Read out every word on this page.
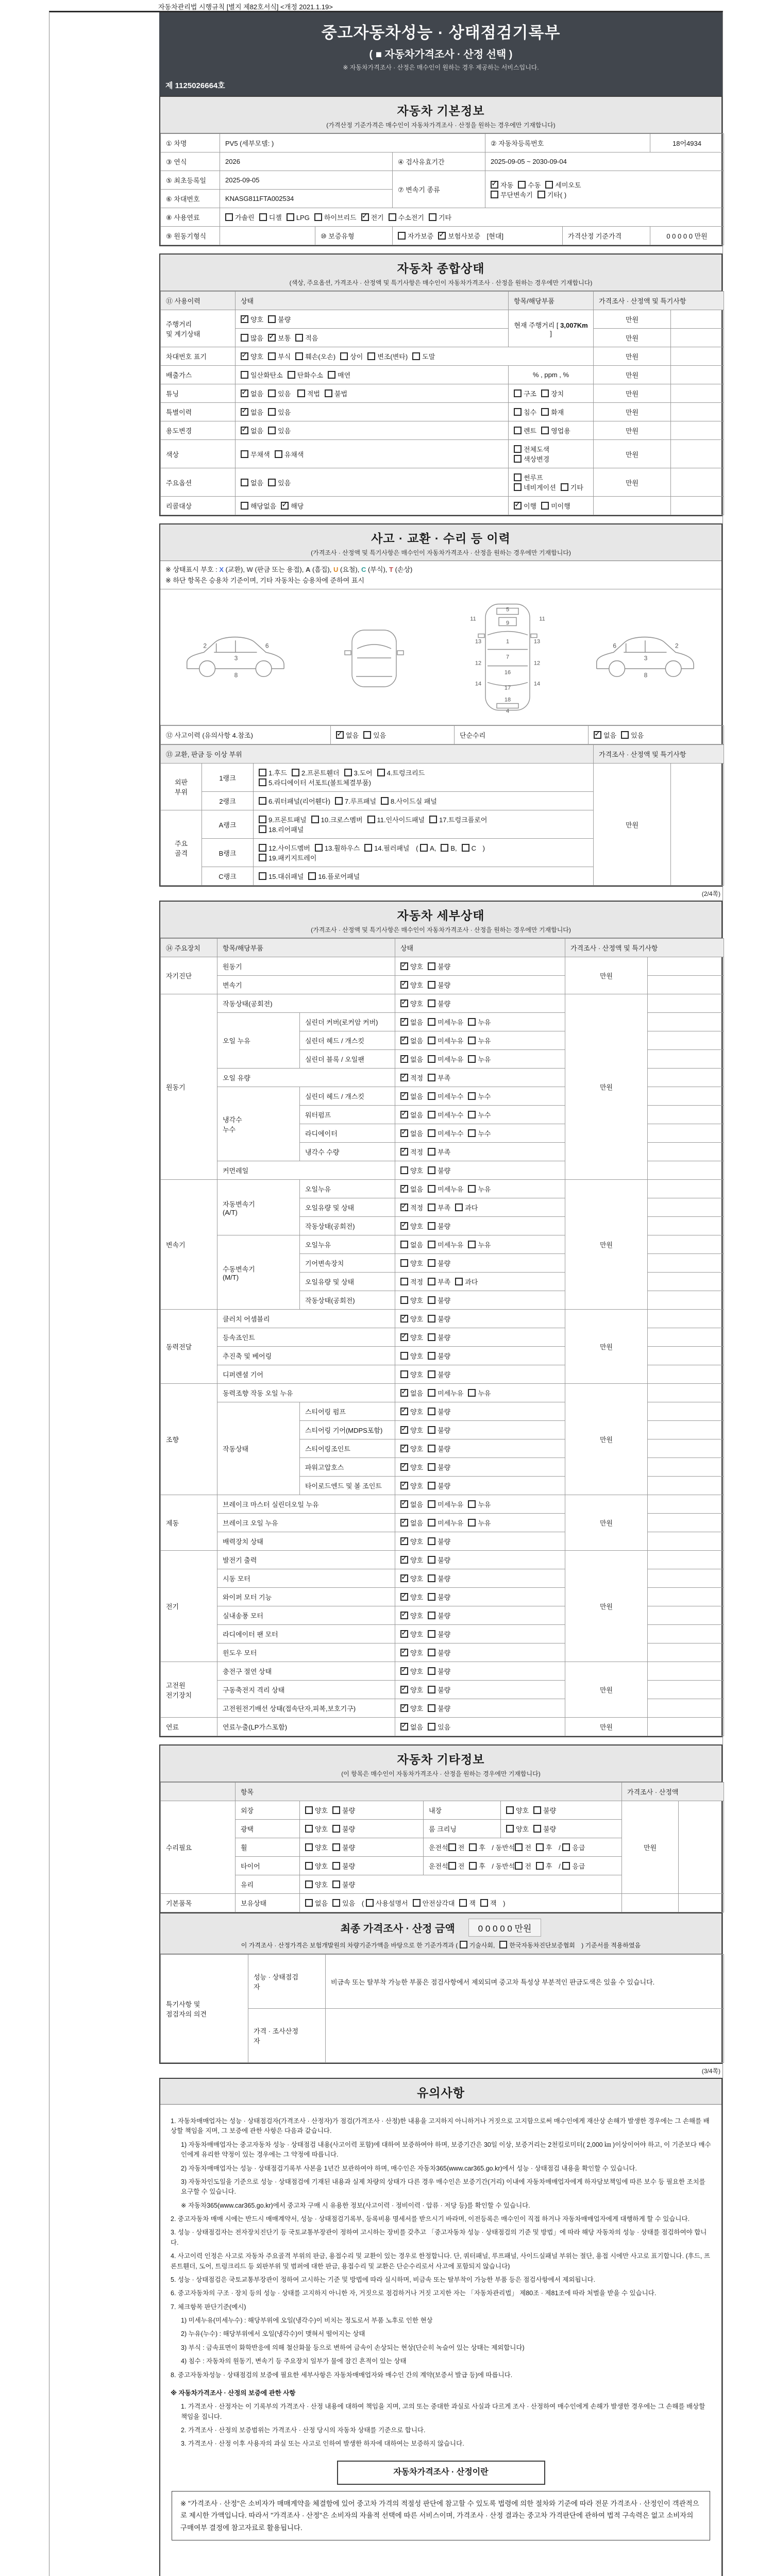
자동차관리법 시행규칙 [별지 제82호서식] <개정 2021.1.19>
중고자동차성능 · 상태점검기록부
( ■ 자동차가격조사 · 산정 선택 )
※ 자동차가격조사 · 산정은 매수인이 원하는 경우 제공하는 서비스입니다.
제 1125026664호
자동차 기본정보
(가격산정 기준가격은 매수인이 자동차가격조사 · 산정을 원하는 경우에만 기재합니다)
① 차명	PV5 (세부모델: )			② 자동차등록번호		18어4934
③ 연식	2026		④ 검사유효기간	2025-09-05 ~ 2030-09-04		
⑤ 최초등록일	2025-09-05		⑦ 변속기 종류	✓자동 수동 세미오토
무단변속기 기타( )
⑥ 차대번호	KNASG811FTA002534					
⑧ 사용연료	가솔린 디젤 LPG 하이브리드 ✓ 전기 수소전기 기타
⑨ 원동기형식		⑩ 보증유형	자가보증 ✓ 보험사보증 [현대]		가격산정 기준가격	0 0 0 0 0 만원
자동차 종합상태
(색상, 주요옵션, 가격조사 · 산정액 및 특기사항은 매수인이 자동차가격조사 · 산정을 원하는 경우에만 기재합니다)
⑪ 사용이력	상태	항목/해당부품	가격조사 · 산정액 및 특기사항	
주행거리
및 계기상태	✓양호 불량	현재 주행거리 [ 3,007Km ]	만원	
	많음 ✓ 보통 적음		만원	
차대번호 표기	✓양호 부식 훼손(오손) 상이 변조(변타) 도말		만원	
배출가스	일산화탄소 탄화수소 매연	% , ppm , %	만원	
튜닝	✓없음 있음 적법 불법	구조 장치	만원	
특별이력	✓없음 있음	침수 화재	만원	
용도변경	✓없음 있음	렌트 영업용	만원	
색상	무채색 유채색	전체도색색상변경	만원	
주요옵션	없음 있음	썬루프네비게이션 기타	만원	
리콜대상	해당없음 ✓ 해당	✓이행 미이행		
사고 · 교환 · 수리 등 이력
(가격조사 · 산정액 및 특기사항은 매수인이 자동차가격조사 · 산정을 원하는 경우에만 기재합니다)
※ 상태표시 부호 : X (교환), W (판금 또는 용접), A (흠집), U (요철), C (부식), T (손상)
※ 하단 항목은 승용차 기준이며, 기타 자동차는 승용차에 준하여 표시
2
3
6
8
5
11	11
9
13	1	13
7
12	12
16
14
17
14
18
4
6
3
2
8
⑫ 사고이력 (유의사항 4.참조)	✓없음 있음	단순수리	✓없음 있음
⑬ 교환, 판금 등 이상 부위			가격조사 · 산정액 및 특기사항	
외판
부위	1랭크	1.후드 2.프론트휀더 3.도어 4.트렁크리드
5.라디에이터 서포트(볼트체결부품)	만원	
	2랭크	6.쿼터패널(리어휀다) 7.루프패널 8.사이드실 패널		
주요
골격	A랭크	9.프론트패널 10.크로스멤버 11.인사이드패널 17.트렁크플로어
18.리어패널		
	B랭크	12.사이드멤버 13.휠하우스 14.필러패널 ( A, B, C )
19.패키지트레이		
	C랭크	15.대쉬패널 16.플로어패널		
(2/4쪽)
자동차 세부상태
(가격조사 · 산정액 및 특기사항은 매수인이 자동차가격조사 · 산정을 원하는 경우에만 기재합니다)
⑭ 주요장치	항목/해당부품		상태	가격조사 · 산정액 및 특기사항	
자기진단	원동기	✓양호 불량	만원	
	변속기	✓양호 불량	
원동기	작동상태(공회전)	✓양호 불량	만원	
	오일 누유	실린더 커버(로커암 커버)	✓없음 미세누유 누유	
		실린더 헤드 / 개스킷	✓없음 미세누유 누유	
		실린더 블록 / 오일팬	✓없음 미세누유 누유	
	오일 유량	✓적정 부족	
	냉각수
누수	실린더 헤드 / 개스킷	✓없음 미세누수 누수	
		워터펌프	✓없음 미세누수 누수	
		라디에이터	✓없음 미세누수 누수	
		냉각수 수량	✓적정 부족	
	커먼레일		양호 불량		
변속기	자동변속기
(A/T)	오일누유	✓없음 미세누유 누유	만원	
		오일유량 및 상태	✓적정 부족 과다	
		작동상태(공회전)	✓양호 불량	
	수동변속기
(M/T)	오일누유	없음 미세누유 누유		
		기어변속장치	양호 불량		
		오일유량 및 상태	적정 부족 과다		
		작동상태(공회전)	양호 불량		
동력전달	클러치 어셈블리	✓양호 불량	만원	
	등속죠인트	✓양호 불량	
	추진축 및 베어링		양호 불량		
	디퍼렌셜 기어		양호 불량		
조향	동력조향 작동 오일 누유	✓없음 미세누유 누유	만원	
	작동상태	스티어링 펌프	✓양호 불량	
		스티어링 기어(MDPS포함)	✓양호 불량	
		스티어링조인트	✓양호 불량	
		파워고압호스	✓양호 불량	
		타이로드엔드 및 볼 조인트	✓양호 불량	
제동	브레이크 마스터 실린더오일 누유	✓없음 미세누유 누유	만원	
	브레이크 오일 누유	✓없음 미세누유 누유	
	배력장치 상태	✓양호 불량	
전기	발전기 출력	✓양호 불량	만원	
	시동 모터	✓양호 불량	
	와이퍼 모터 기능	✓양호 불량	
	실내송풍 모터	✓양호 불량	
	라디에이터 팬 모터	✓양호 불량	
	윈도우 모터	✓양호 불량	
고전원
전기장치	충전구 절연 상태	✓양호 불량	만원	
	구동축전지 격리 상태	✓양호 불량	
	고전원전기배선 상태(접속단자,피복,보호기구)	✓양호 불량	
연료	연료누출(LP가스포함)	✓없음 있음	만원	
자동차 기타정보
(이 항목은 매수인이 자동차가격조사 · 산정을 원하는 경우에만 기재합니다)
	항목				가격조사 · 산정액	
수리필요	외장	양호 불량	내장	양호 불량	만원	
	광택	양호 불량	룸 크리닝	양호 불량		
	휠	양호 불량	운전석 전 후 / 동반석 전 후 / 응급			
	타이어	양호 불량	운전석 전 후 / 동반석 전 후 / 응급			
	유리	양호 불량				
기본품목	보유상태	없음 있음 ( 사용설명서 안전삼각대 잭 잭 )				
최종 가격조사 · 산정 금액	0 0 0 0 0 만원
이 가격조사 · 산정가격은 보험개발원의 차량기준가액을 바탕으로 한 기준가격과 ( 기술사회, 한국자동차진단보증협회 ) 기준서를 적용하였음
특기사항 및
점검자의 의견	성능 · 상태점검
자	비금속 또는 탈부착 가능한 부품은 점검사항에서 제외되며 중고차 특성상 부분적인 판금도색은 있을 수 있습니다.
	가격 · 조사산정
자	
(3/4쪽)
유의사항
1. 자동차매매업자는 성능 · 상태점검자(가격조사 · 산정자)가 점검(가격조사 · 산정)한 내용을 고지하지 아니하거나 거짓으로 고지함으로써 매수인에게 재산상 손해가 발생한 경우에는 그 손해를 배상할 책임을 지며, 그 보증에 관한 사항은 다음과 같습니다.
1) 자동차매매업자는 중고자동차 성능 · 상태점검 내용(사고이력 포함)에 대하여 보증하여야 하며, 보증기간은 30일 이상, 보증거리는 2천킬로미터( 2,000 ㎞ )이상이어야 하고, 이 기준보다 매수인에게 유리한 약정이 있는 경우에는 그 약정에 따릅니다.
2) 자동차매매업자는 성능 · 상태점검기록부 사본을 1년간 보관하여야 하며, 매수인은 자동차365(www.car365.go.kr)에서 성능 · 상태점검 내용을 확인할 수 있습니다.
3) 자동차인도일을 기준으로 성능 · 상태점검에 기재된 내용과 실제 차량의 상태가 다른 경우 매수인은 보증기간(거리) 이내에 자동차매매업자에게 하자담보책임에 따른 보수 등 필요한 조치를 요구할 수 있습니다.
※ 자동차365(www.car365.go.kr)에서 중고차 구매 시 유용한 정보(사고이력 · 정비이력 · 압류 · 저당 등)를 확인할 수 있습니다.
2. 중고자동차 매매 시에는 반드시 매매계약서, 성능 · 상태점검기록부, 등록비용 명세서를 받으시기 바라며, 이전등록은 매수인이 직접 하거나 자동차매매업자에게 대행하게 할 수 있습니다.
3. 성능 · 상태점검자는 전자장치진단기 등 국토교통부장관이 정하여 고시하는 장비를 갖추고 「중고자동차 성능 · 상태점검의 기준 및 방법」에 따라 해당 자동차의 성능 · 상태를 점검하여야 합니다.
4. 사고이력 인정은 사고로 자동차 주요골격 부위의 판금, 용접수리 및 교환이 있는 경우로 한정합니다. 단, 쿼터패널, 루프패널, 사이드실패널 부위는 절단, 용접 시에만 사고로 표기합니다. (후드, 프론트휀더, 도어, 트렁크리드 등 외판부위 및 범퍼에 대한 판금, 용접수리 및 교환은 단순수리로서 사고에 포함되지 않습니다)
5. 성능 · 상태점검은 국토교통부장관이 정하여 고시하는 기준 및 방법에 따라 실시하며, 비금속 또는 탈부착이 가능한 부품 등은 점검사항에서 제외됩니다.
6. 중고자동차의 구조 · 장치 등의 성능 · 상태를 고지하지 아니한 자, 거짓으로 점검하거나 거짓 고지한 자는 「자동차관리법」 제80조 · 제81조에 따라 처벌을 받을 수 있습니다.
7. 체크항목 판단기준(예시)
1) 미세누유(미세누수) : 해당부위에 오일(냉각수)이 비치는 정도로서 부품 노후로 인한 현상
2) 누유(누수) : 해당부위에서 오일(냉각수)이 맺혀서 떨어지는 상태
3) 부식 : 금속표면이 화학반응에 의해 철산화물 등으로 변하여 금속이 손상되는 현상(단순히 녹슬어 있는 상태는 제외합니다)
4) 침수 : 자동차의 원동기, 변속기 등 주요장치 일부가 물에 잠긴 흔적이 있는 상태
8. 중고자동차성능 · 상태점검의 보증에 필요한 세부사항은 자동차매매업자와 매수인 간의 계약(보증서 발급 등)에 따릅니다.
※ 자동차가격조사 · 산정의 보증에 관한 사항
1. 가격조사 · 산정자는 이 기록부의 가격조사 · 산정 내용에 대하여 책임을 지며, 고의 또는 중대한 과실로 사실과 다르게 조사 · 산정하여 매수인에게 손해가 발생한 경우에는 그 손해를 배상할 책임을 집니다.
2. 가격조사 · 산정의 보증범위는 가격조사 · 산정 당시의 자동차 상태를 기준으로 합니다.
3. 가격조사 · 산정 이후 사용자의 과실 또는 사고로 인하여 발생한 하자에 대하여는 보증하지 않습니다.
자동차가격조사 · 산정이란
※ "가격조사 · 산정"은 소비자가 매매계약을 체결함에 있어 중고차 가격의 적절성 판단에 참고할 수 있도록 법령에 의한 절차와 기준에 따라 전문 가격조사 · 산정인이 객관적으로 제시한 가액입니다. 따라서 "가격조사 · 산정"은 소비자의 자율적 선택에 따른 서비스이며, 가격조사 · 산정 결과는 중고차 가격판단에 관하여 법적 구속력은 없고 소비자의 구매여부 결정에 참고자료로 활용됩니다.
